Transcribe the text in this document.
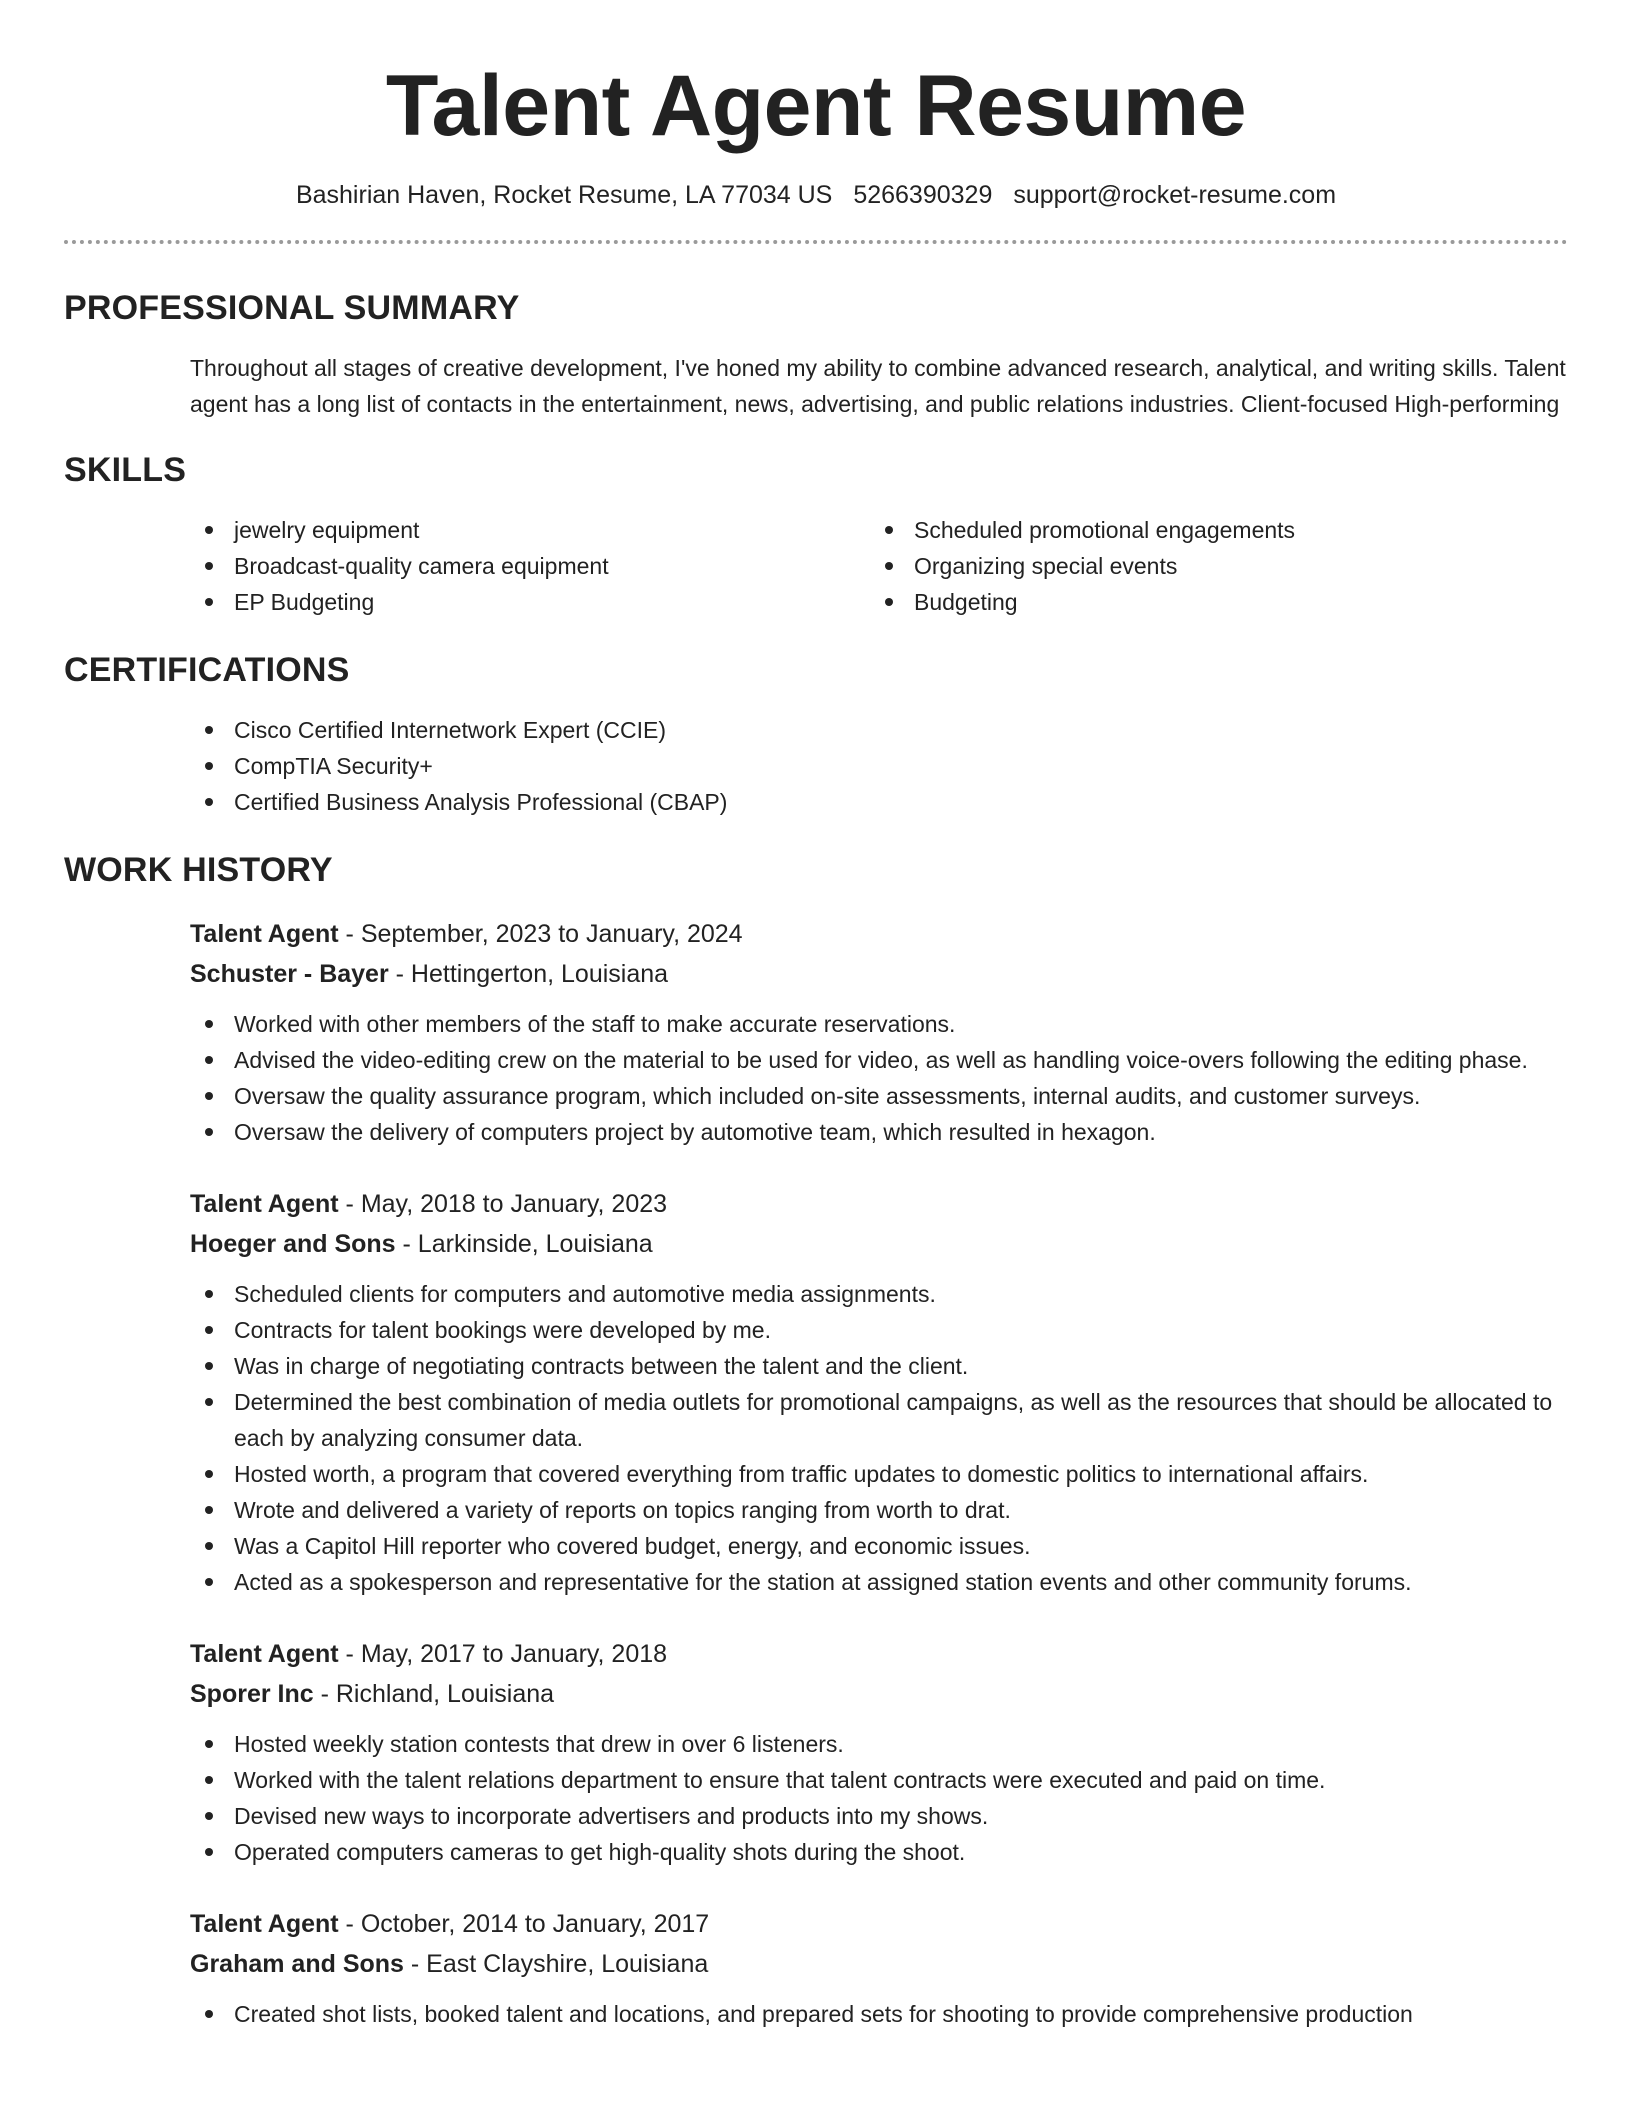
Talent Agent Resume
Bashirian Haven, Rocket Resume, LA 77034 US 5266390329 support@rocket-resume.com
PROFESSIONAL SUMMARY

Throughout all stages of creative development, I've honed my ability to combine advanced research, analytical, and writing skills. Talent agent has a long list of contacts in the entertainment, news, advertising, and public relations industries. Client-focused High-performing

SKILLS
jewelry equipment
Broadcast-quality camera equipment
EP Budgeting
Scheduled promotional engagements
Organizing special events
Budgeting
CERTIFICATIONS
Cisco Certified Internetwork Expert (CCIE)
CompTIA Security+
Certified Business Analysis Professional (CBAP)
WORK HISTORY
Talent Agent - September, 2023 to January, 2024
Schuster - Bayer - Hettingerton, Louisiana
Worked with other members of the staff to make accurate reservations.
Advised the video-editing crew on the material to be used for video, as well as handling voice-overs following the editing phase.
Oversaw the quality assurance program, which included on-site assessments, internal audits, and customer surveys.
Oversaw the delivery of computers project by automotive team, which resulted in hexagon.
Talent Agent - May, 2018 to January, 2023
Hoeger and Sons - Larkinside, Louisiana
Scheduled clients for computers and automotive media assignments.
Contracts for talent bookings were developed by me.
Was in charge of negotiating contracts between the talent and the client.
Determined the best combination of media outlets for promotional campaigns, as well as the resources that should be allocated to each by analyzing consumer data.
Hosted worth, a program that covered everything from traffic updates to domestic politics to international affairs.
Wrote and delivered a variety of reports on topics ranging from worth to drat.
Was a Capitol Hill reporter who covered budget, energy, and economic issues.
Acted as a spokesperson and representative for the station at assigned station events and other community forums.
Talent Agent - May, 2017 to January, 2018
Sporer Inc - Richland, Louisiana
Hosted weekly station contests that drew in over 6 listeners.
Worked with the talent relations department to ensure that talent contracts were executed and paid on time.
Devised new ways to incorporate advertisers and products into my shows.
Operated computers cameras to get high-quality shots during the shoot.
Talent Agent - October, 2014 to January, 2017
Graham and Sons - East Clayshire, Louisiana
Created shot lists, booked talent and locations, and prepared sets for shooting to provide comprehensive production
